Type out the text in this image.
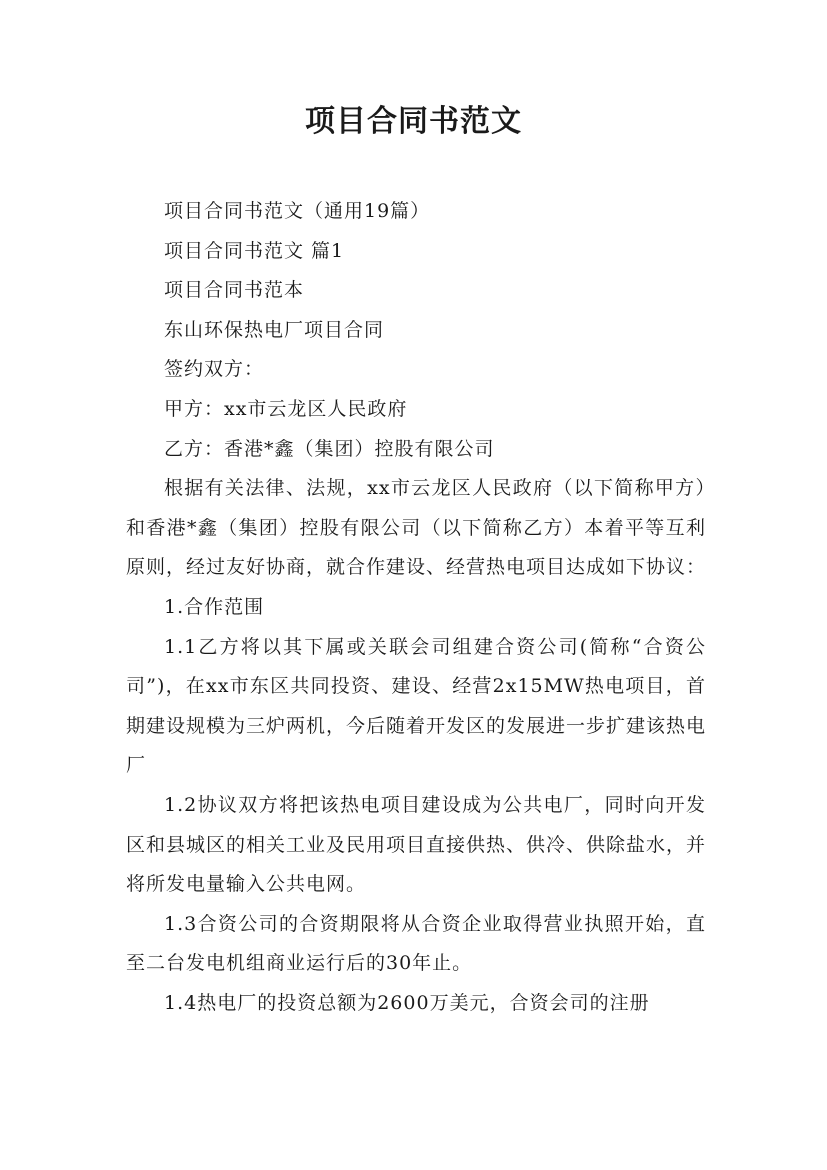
项目合同书范文

项目合同书范文（通用19篇）

项目合同书范文 篇1

项目合同书范本

东山环保热电厂项目合同

签约双方：

甲方：xx市云龙区人民政府

乙方：香港*鑫（集团）控股有限公司

根据有关法律、法规，xx市云龙区人民政府（以下简称甲方）和香港*鑫（集团）控股有限公司（以下简称乙方）本着平等互利原则，经过友好协商，就合作建设、经营热电项目达成如下协议：

1.合作范围

1.1乙方将以其下属或关联会司组建合资公司(简称“合资公司”)，在xx市东区共同投资、建设、经营2x15MW热电项目，首期建设规模为三炉两机，今后随着开发区的发展进一步扩建该热电厂

1.2协议双方将把该热电项目建设成为公共电厂，同时向开发区和县城区的相关工业及民用项目直接供热、供冷、供除盐水，并将所发电量输入公共电网。

1.3合资公司的合资期限将从合资企业取得营业执照开始，直至二台发电机组商业运行后的30年止。

1.4热电厂的投资总额为2600万美元，合资会司的注册
